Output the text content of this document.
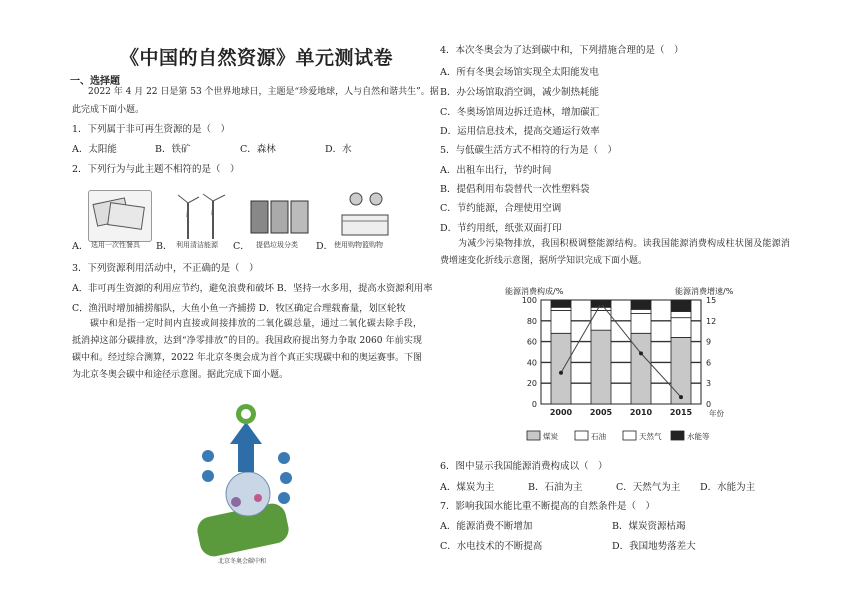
《中国的自然资源》单元测试卷
一、选择题
2022 年 4 月 22 日是第 53 个世界地球日，主题是“珍爱地球，人与自然和谐共生”。据
此完成下面小题。
1．下列属于非可再生资源的是（　）
A．太阳能	B．铁矿	C．森林	D．水
2．下列行为与此主题不相符的是（　）
A． 选用一次性餐具 B． 利用清洁能源 C． 提倡垃圾分类 D． 使用购物篮购物
3．下列资源利用活动中，不正确的是（　）
A．非可再生资源的利用应节约，避免浪费和破坏 B．坚持一水多用，提高水资源利用率
C．渔汛时增加捕捞船队，大鱼小鱼一齐捕捞 D．牧区确定合理载畜量，划区轮牧
碳中和是指一定时间内直接或间接排放的二氧化碳总量，通过二氧化碳去除手段，抵消掉这部分碳排放，达到“净零排放”的目的。我国政府提出努力争取 2060 年前实现碳中和。经过综合测算，2022 年北京冬奥会成为首个真正实现碳中和的奥运赛事。下图为北京冬奥会碳中和途径示意图。据此完成下面小题。
北京冬奥会碳中和
4．本次冬奥会为了达到碳中和，下列措施合理的是（　）
A．所有冬奥会场馆实现全太阳能发电
B．办公场馆取消空调，减少制热耗能
C．冬奥场馆周边拆迁造林，增加碳汇
D．运用信息技术，提高交通运行效率
5．与低碳生活方式不相符的行为是（　）
A．出租车出行，节约时间
B．提倡利用布袋替代一次性塑料袋
C．节约能源，合理使用空调
D．节约用纸，纸张双面打印
为减少污染物排放，我国积极调整能源结构。读我国能源消费构成柱状图及能源消费增速变化折线示意图，据所学知识完成下面小题。
能源消费构成/%	能源消费增速/%
年份
0
20
40
60
80
100
0
3
6
9
12
15
2000 2005 2010 2015
煤炭	石油	天然气	水能等
6．图中显示我国能源消费构成以（　）
A．煤炭为主	B．石油为主	C．天然气为主 D．水能为主
7．影响我国水能比重不断提高的自然条件是（　）
A．能源消费不断增加	B．煤炭资源枯竭
C．水电技术的不断提高	D．我国地势落差大
